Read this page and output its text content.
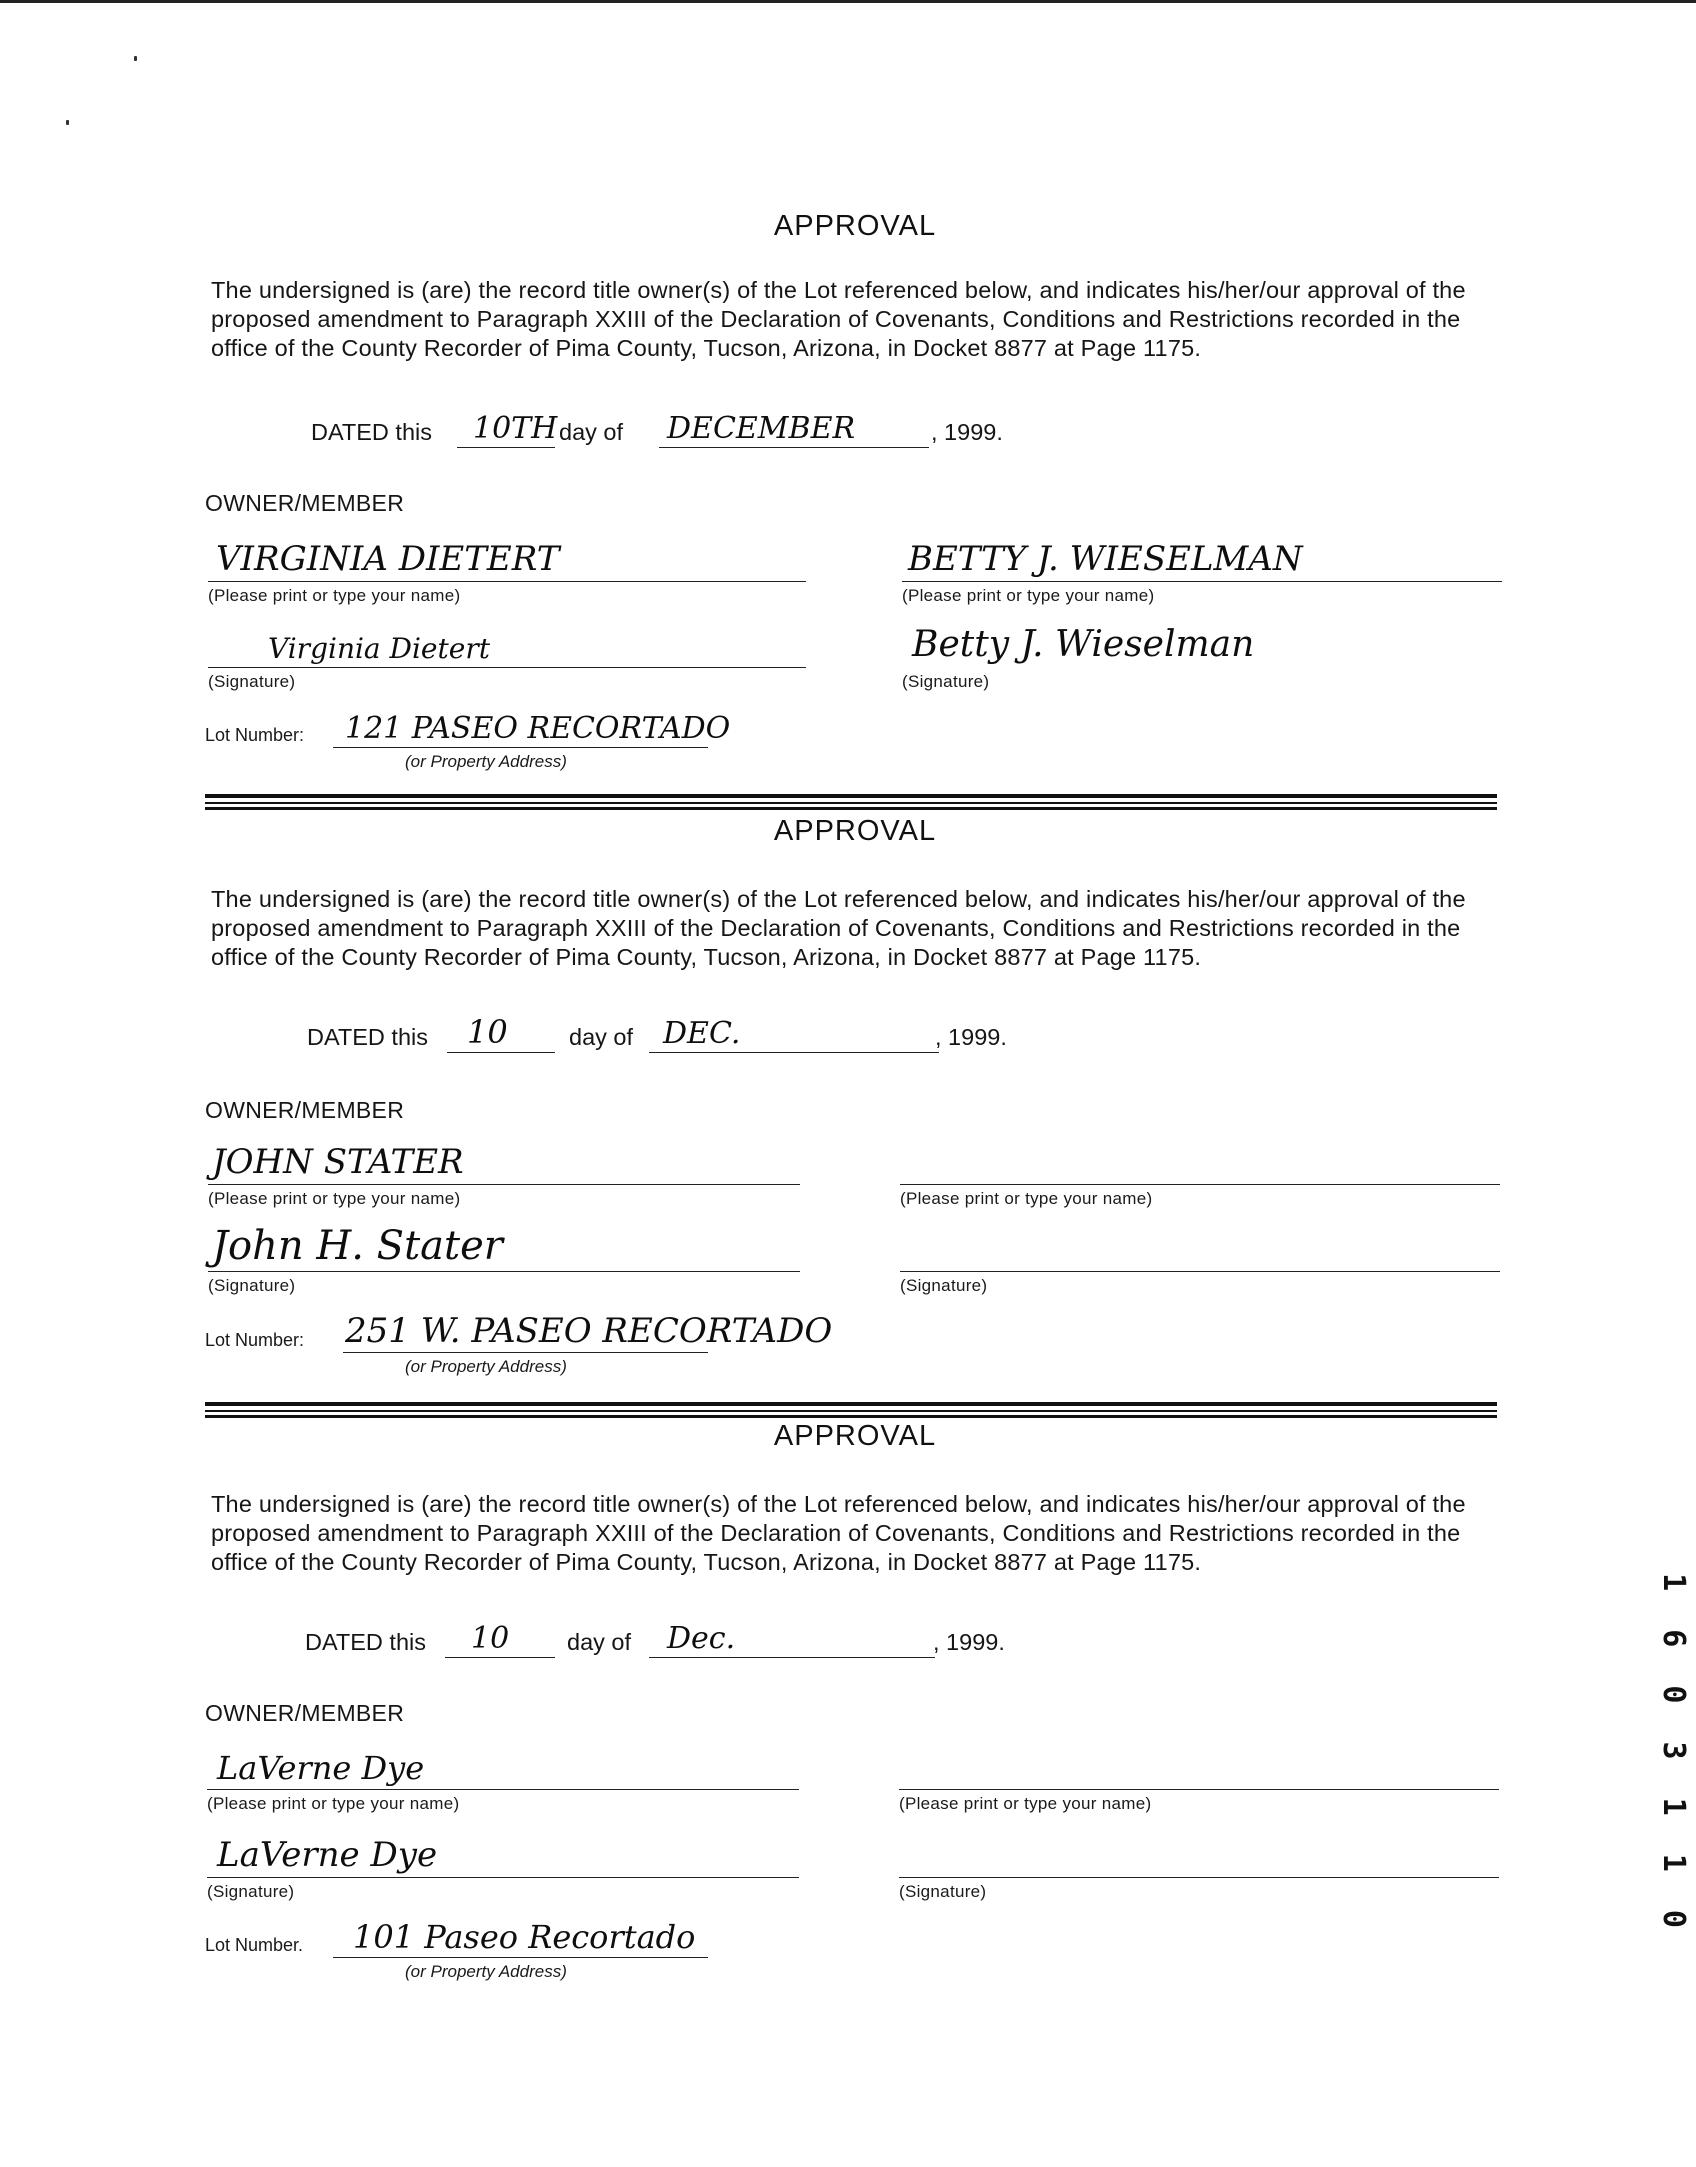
APPROVAL
The undersigned is (are) the record title owner(s) of the Lot referenced below, and indicates his/her/our approval of the proposed amendment to Paragraph XXIII of the Declaration of Covenants, Conditions and Restrictions recorded in the office of the County Recorder of Pima County, Tucson, Arizona, in Docket 8877 at Page 1175.
DATED this 10TH day of DECEMBER	, 1999.
OWNER/MEMBER
VIRGINIA DIETERT
(Please print or type your name)
BETTY J. WIESELMAN
(Please print or type your name)
Virginia Dietert
(Signature)
Betty J. Wieselman
(Signature)
Lot Number: 121 PASEO RECORTADO
(or Property Address)
APPROVAL
The undersigned is (are) the record title owner(s) of the Lot referenced below, and indicates his/her/our approval of the proposed amendment to Paragraph XXIII of the Declaration of Covenants, Conditions and Restrictions recorded in the office of the County Recorder of Pima County, Tucson, Arizona, in Docket 8877 at Page 1175.
DATED this 10	day of DEC.	, 1999.
OWNER/MEMBER
JOHN STATER
(Please print or type your name)	(Please print or type your name)
John H. Stater
(Signature)	(Signature)
Lot Number: 251 W. PASEO RECORTADO
(or Property Address)
APPROVAL
The undersigned is (are) the record title owner(s) of the Lot referenced below, and indicates his/her/our approval of the proposed amendment to Paragraph XXIII of the Declaration of Covenants, Conditions and Restrictions recorded in the office of the County Recorder of Pima County, Tucson, Arizona, in Docket 8877 at Page 1175.
DATED this 10 day of Dec.	, 1999.
OWNER/MEMBER
LaVerne Dye
(Please print or type your name)	(Please print or type your name)
LaVerne Dye
(Signature)	(Signature)
Lot Number. 101 Paseo Recortado
(or Property Address)
1 6 0 3 1 1 0
